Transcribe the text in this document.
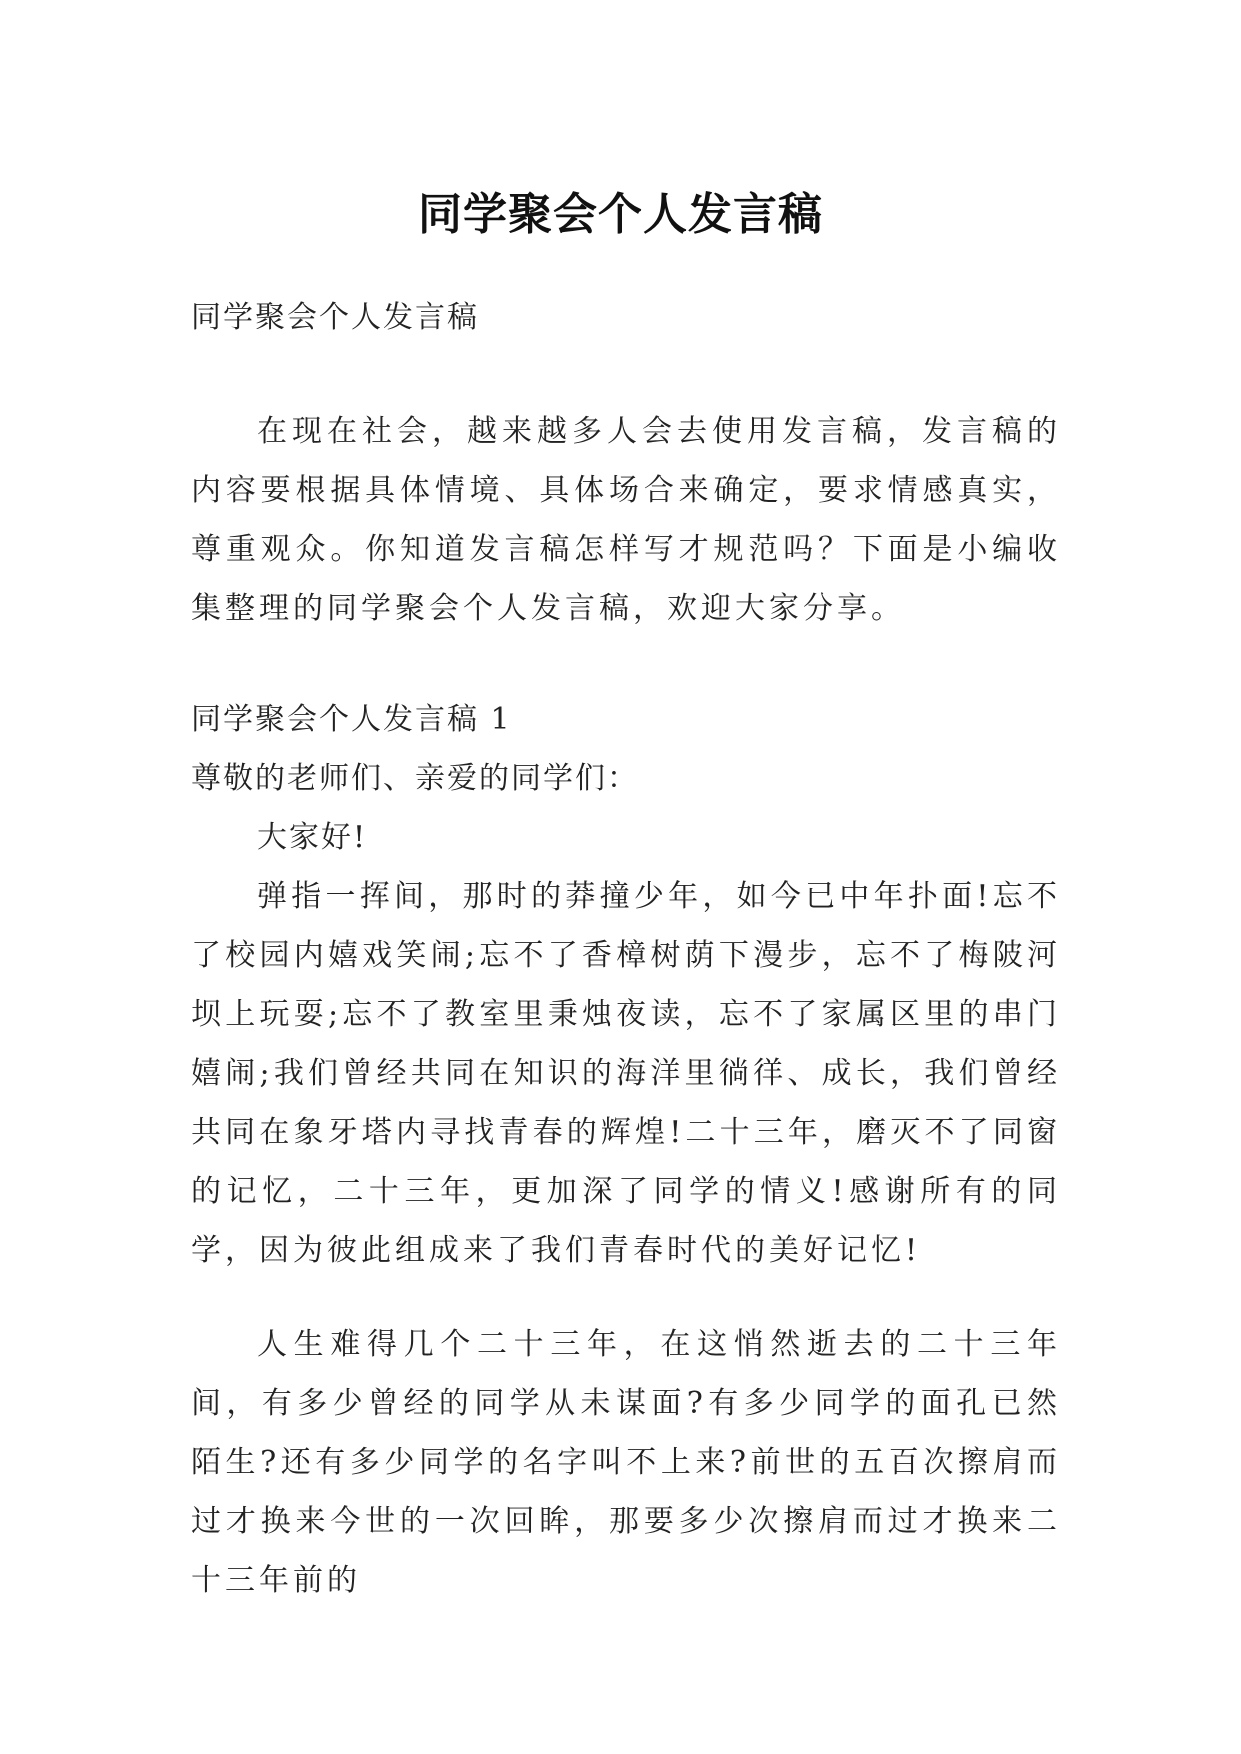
同学聚会个人发言稿

同学聚会个人发言稿

在现在社会，越来越多人会去使用发言稿，发言稿的内容要根据具体情境、具体场合来确定，要求情感真实，尊重观众。你知道发言稿怎样写才规范吗？下面是小编收集整理的同学聚会个人发言稿，欢迎大家分享。

同学聚会个人发言稿 1

尊敬的老师们、亲爱的同学们：

大家好!

弹指一挥间，那时的莽撞少年，如今已中年扑面!忘不了校园内嬉戏笑闹;忘不了香樟树荫下漫步，忘不了梅陂河坝上玩耍;忘不了教室里秉烛夜读，忘不了家属区里的串门嬉闹;我们曾经共同在知识的海洋里徜徉、成长，我们曾经共同在象牙塔内寻找青春的辉煌!二十三年，磨灭不了同窗的记忆，二十三年，更加深了同学的情义!感谢所有的同学，因为彼此组成来了我们青春时代的美好记忆!

人生难得几个二十三年，在这悄然逝去的二十三年间，有多少曾经的同学从未谋面?有多少同学的面孔已然陌生?还有多少同学的名字叫不上来?前世的五百次擦肩而过才换来今世的一次回眸，那要多少次擦肩而过才换来二十三年前的
